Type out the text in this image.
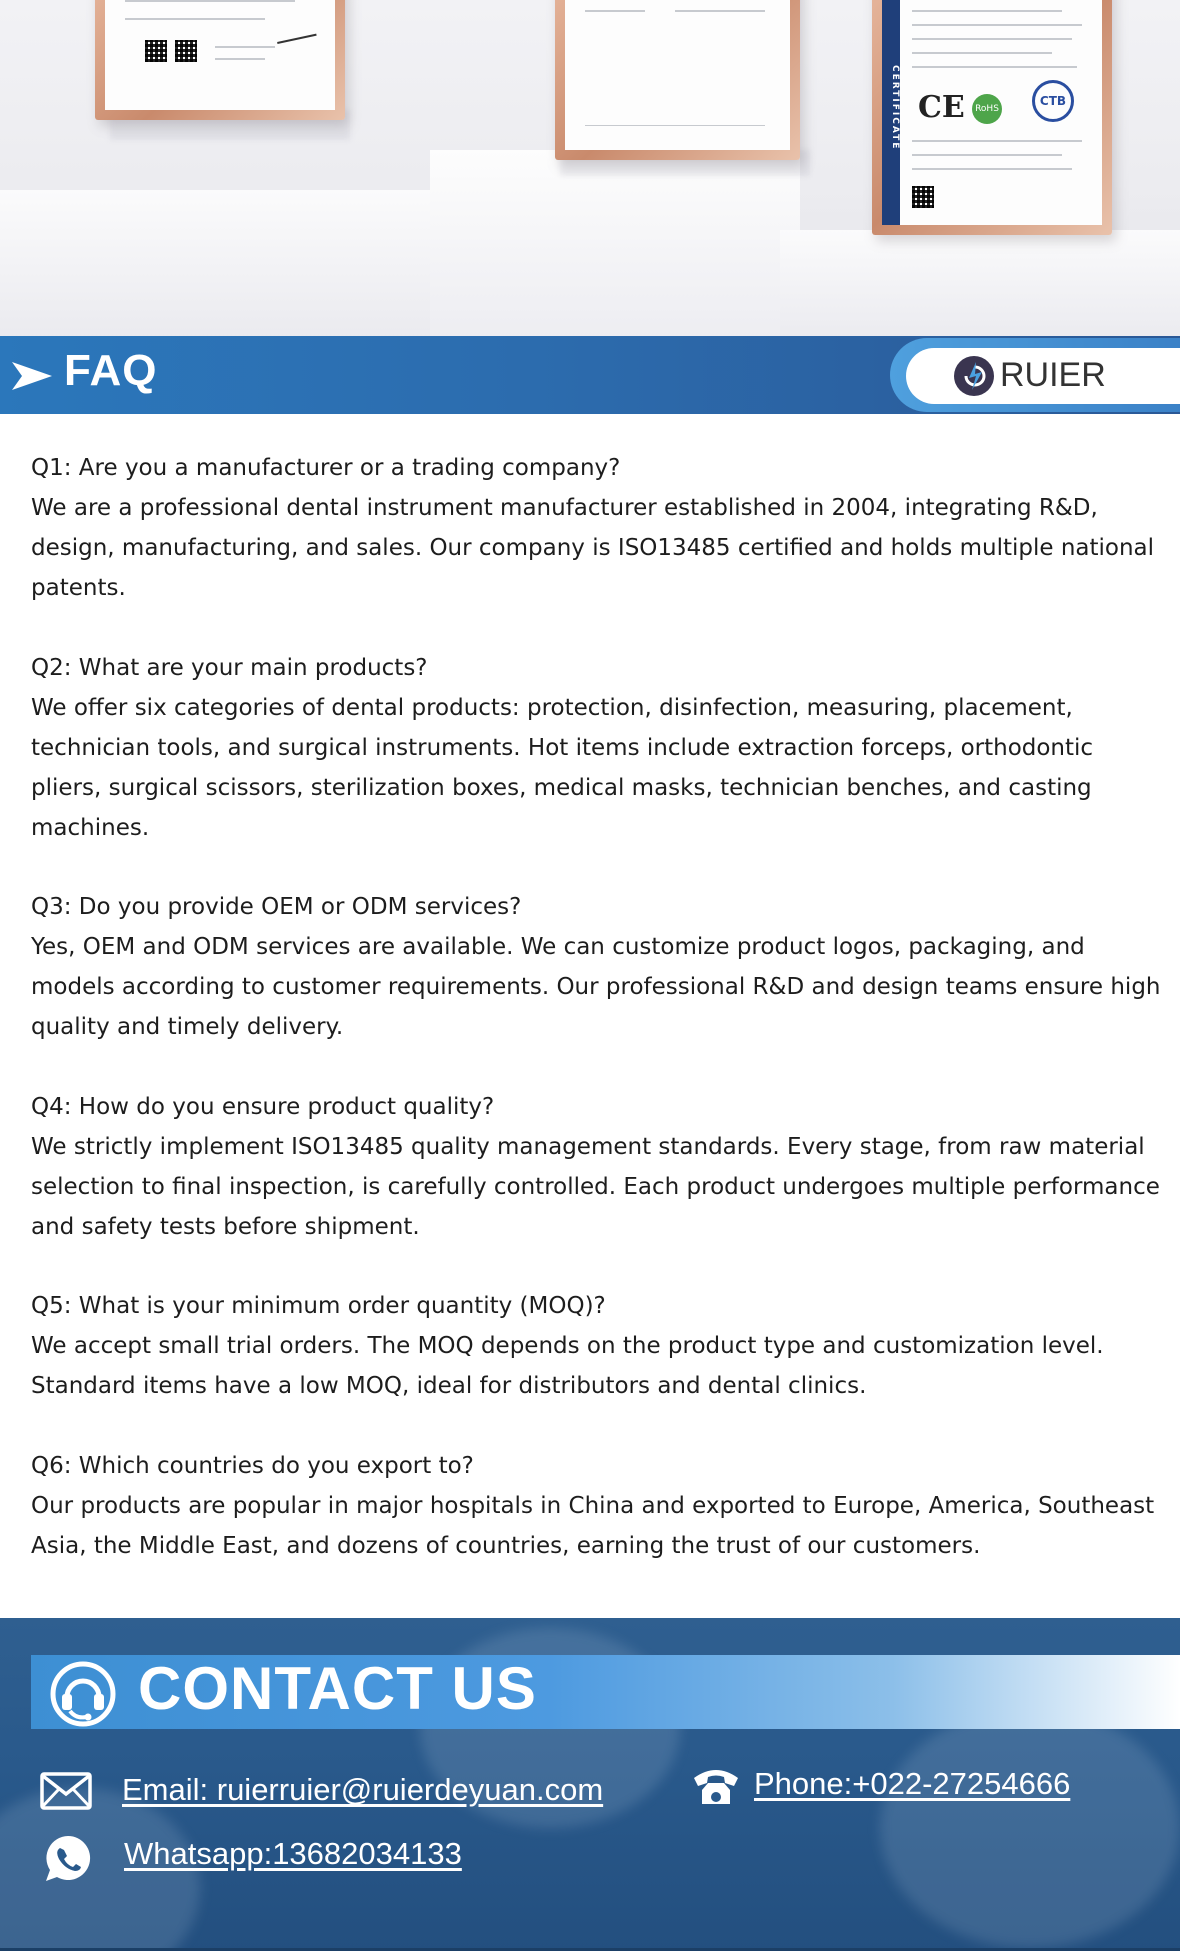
CERTIFICATE CE	RoHS
CTB
FAQ	RUIER

Q1: Are you a manufacturer or a trading company?

We are a professional dental instrument manufacturer established in 2004, integrating R&D, design, manufacturing, and sales. Our company is ISO13485 certified and holds multiple national patents.

Q2: What are your main products?

We offer six categories of dental products: protection, disinfection, measuring, placement, technician tools, and surgical instruments. Hot items include extraction forceps, orthodontic pliers, surgical scissors, sterilization boxes, medical masks, technician benches, and casting machines.

Q3: Do you provide OEM or ODM services?

Yes, OEM and ODM services are available. We can customize product logos, packaging, and models according to customer requirements. Our professional R&D and design teams ensure high quality and timely delivery.

Q4: How do you ensure product quality?

We strictly implement ISO13485 quality management standards. Every stage, from raw material selection to final inspection, is carefully controlled. Each product undergoes multiple performance and safety tests before shipment.

Q5: What is your minimum order quantity (MOQ)?

We accept small trial orders. The MOQ depends on the product type and customization level. Standard items have a low MOQ, ideal for distributors and dental clinics.

Q6: Which countries do you export to?

Our products are popular in major hospitals in China and exported to Europe, America, Southeast Asia, the Middle East, and dozens of countries, earning the trust of our customers.

CONTACT US
Email: ruierruier@ruierdeyuan.com	Phone:+022-27254666
Whatsapp:13682034133
